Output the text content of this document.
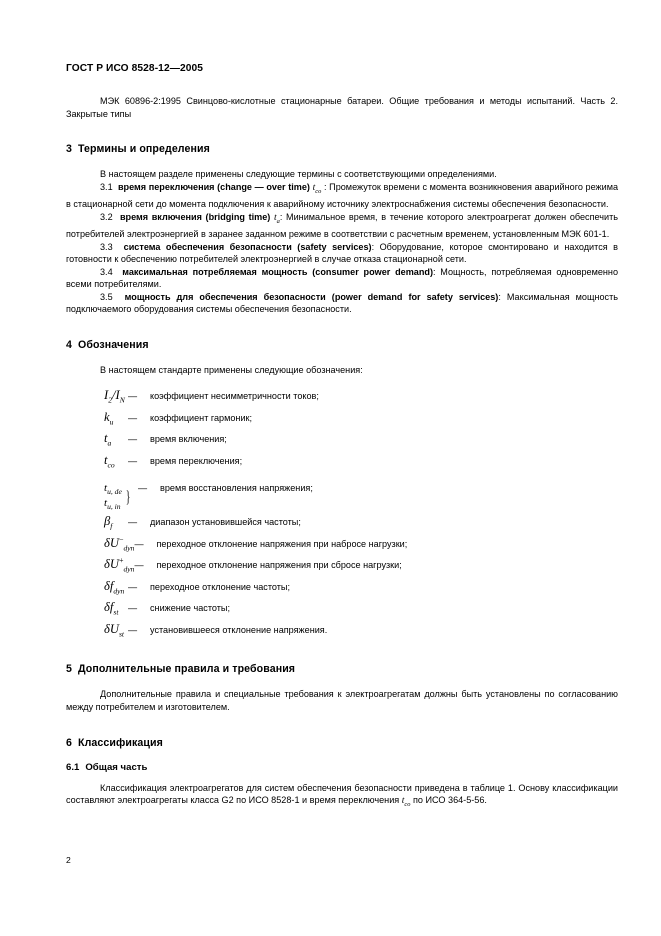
ГОСТ Р ИСО 8528-12—2005

МЭК 60896-2:1995 Свинцово-кислотные стационарные батареи. Общие требования и методы испытаний. Часть 2. Закрытые типы

3 Термины и определения

В настоящем разделе применены следующие термины с соответствующими определениями.

3.1 время переключения (change — over time) $t_{co}$ : Промежуток времени с момента возникновения аварийного режима в стационарной сети до момента подключения к аварийному источнику электроснабжения системы обеспечения безопасности.

3.2 время включения (bridging time) $t_a$: Минимальное время, в течение которого электроагрегат должен обеспечить потребителей электроэнергией в заранее заданном режиме в соответствии с расчетным временем, установленным МЭК 601-1.

3.3 система обеспечения безопасности (safety services): Оборудование, которое смонтировано и находится в готовности к обеспечению потребителей электроэнергией в случае отказа стационарной сети.

3.4 максимальная потребляемая мощность (consumer power demand): Мощность, потребляемая одновременно всеми потребителями.

3.5 мощность для обеспечения безопасности (power demand for safety services): Максимальная мощность подключаемого оборудования системы обеспечения безопасности.

4 Обозначения

В настоящем стандарте применены следующие обозначения:

$I_2/I_N$ —	коэффициент несимметричности токов;
$k_u$	—	коэффициент гармоник;
$t_a$	—	время включения;
$t_{co}$	—	время переключения;
$t_{u, de}$
$t_{u, in}$
} —	время восстановления напряжения;
$\beta_f$	—	диапазон установившейся частоты;
$\delta U^-_{dyn}$ —	переходное отклонение напряжения при набросе нагрузки;
$\delta U^+_{dyn}$ —	переходное отклонение напряжения при сбросе нагрузки;
$\delta f_{dyn}$ —	переходное отклонение частоты;
$\delta f_{st}$	—	снижение частоты;
$\delta U_{st}$ —	установившееся отклонение напряжения.
5 Дополнительные правила и требования

Дополнительные правила и специальные требования к электроагрегатам должны быть установлены по согласованию между потребителем и изготовителем.

6 Классификация
6.1 Общая часть

Классификация электроагрегатов для систем обеспечения безопасности приведена в таблице 1. Основу классификации составляют электроагрегаты класса G2 по ИСО 8528-1 и время переключения $t_{co}$ по ИСО 364-5-56.

2
